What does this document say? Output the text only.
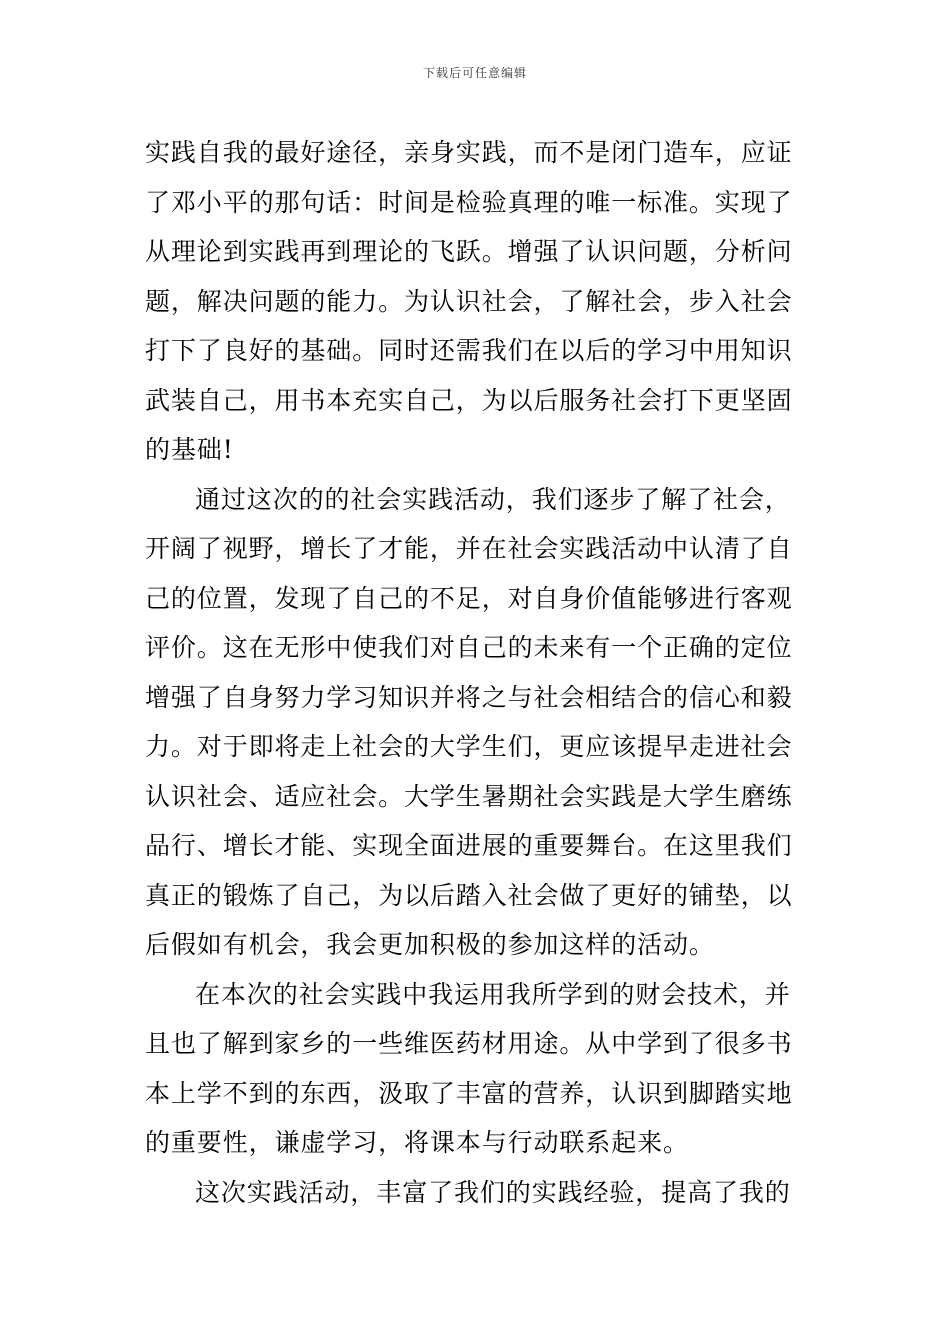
下载后可任意编辑
实践自我的最好途径，亲身实践，而不是闭门造车，应证
了邓小平的那句话：时间是检验真理的唯一标准。实现了
从理论到实践再到理论的飞跃。增强了认识问题，分析问
题，解决问题的能力。为认识社会，了解社会，步入社会
打下了良好的基础。同时还需我们在以后的学习中用知识
武装自己，用书本充实自己，为以后服务社会打下更坚固
的基础!
通过这次的的社会实践活动，我们逐步了解了社会，
开阔了视野，增长了才能，并在社会实践活动中认清了自
己的位置，发现了自己的不足，对自身价值能够进行客观
评价。这在无形中使我们对自己的未来有一个正确的定位
增强了自身努力学习知识并将之与社会相结合的信心和毅
力。对于即将走上社会的大学生们，更应该提早走进社会
认识社会、适应社会。大学生暑期社会实践是大学生磨练
品行、增长才能、实现全面进展的重要舞台。在这里我们
真正的锻炼了自己，为以后踏入社会做了更好的铺垫，以
后假如有机会，我会更加积极的参加这样的活动。
在本次的社会实践中我运用我所学到的财会技术，并
且也了解到家乡的一些维医药材用途。从中学到了很多书
本上学不到的东西，汲取了丰富的营养，认识到脚踏实地
的重要性，谦虚学习，将课本与行动联系起来。
这次实践活动，丰富了我们的实践经验，提高了我的
